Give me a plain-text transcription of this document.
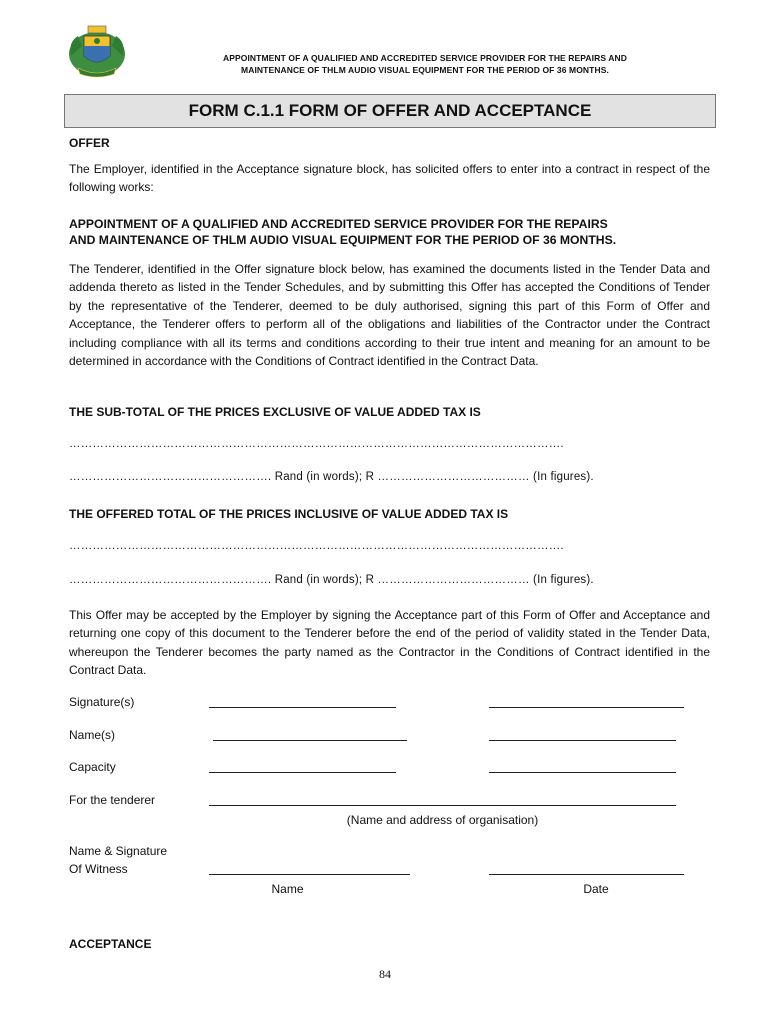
APPOINTMENT OF A QUALIFIED AND ACCREDITED SERVICE PROVIDER FOR THE REPAIRS AND
MAINTENANCE OF THLM AUDIO VISUAL EQUIPMENT FOR THE PERIOD OF 36 MONTHS.
FORM C.1.1 FORM OF OFFER AND ACCEPTANCE
OFFER
The Employer, identified in the Acceptance signature block, has solicited offers to enter into a contract in respect of the following works:
APPOINTMENT OF A QUALIFIED AND ACCREDITED SERVICE PROVIDER FOR THE REPAIRS
AND MAINTENANCE OF THLM AUDIO VISUAL EQUIPMENT FOR THE PERIOD OF 36 MONTHS.
The Tenderer, identified in the Offer signature block below, has examined the documents listed in the Tender Data and addenda thereto as listed in the Tender Schedules, and by submitting this Offer has accepted the Conditions of Tender by the representative of the Tenderer, deemed to be duly authorised, signing this part of this Form of Offer and Acceptance, the Tenderer offers to perform all of the obligations and liabilities of the Contractor under the Contract including compliance with all its terms and conditions according to their true intent and meaning for an amount to be determined in accordance with the Conditions of Contract identified in the Contract Data.
THE SUB-TOTAL OF THE PRICES EXCLUSIVE OF VALUE ADDED TAX IS
……………………………………………………………………………………………………………….
……………………………………………. Rand (in words); R ………………………………… (In figures).
THE OFFERED TOTAL OF THE PRICES INCLUSIVE OF VALUE ADDED TAX IS
……………………………………………………………………………………………………………….
……………………………………………. Rand (in words); R ………………………………… (In figures).
This Offer may be accepted by the Employer by signing the Acceptance part of this Form of Offer and Acceptance and returning one copy of this document to the Tenderer before the end of the period of validity stated in the Tender Data, whereupon the Tenderer becomes the party named as the Contractor in the Conditions of Contract identified in the Contract Data.
Signature(s)
Name(s)
Capacity
For the tenderer
(Name and address of organisation)
Name & Signature
Of Witness
Name	Date
ACCEPTANCE
84
